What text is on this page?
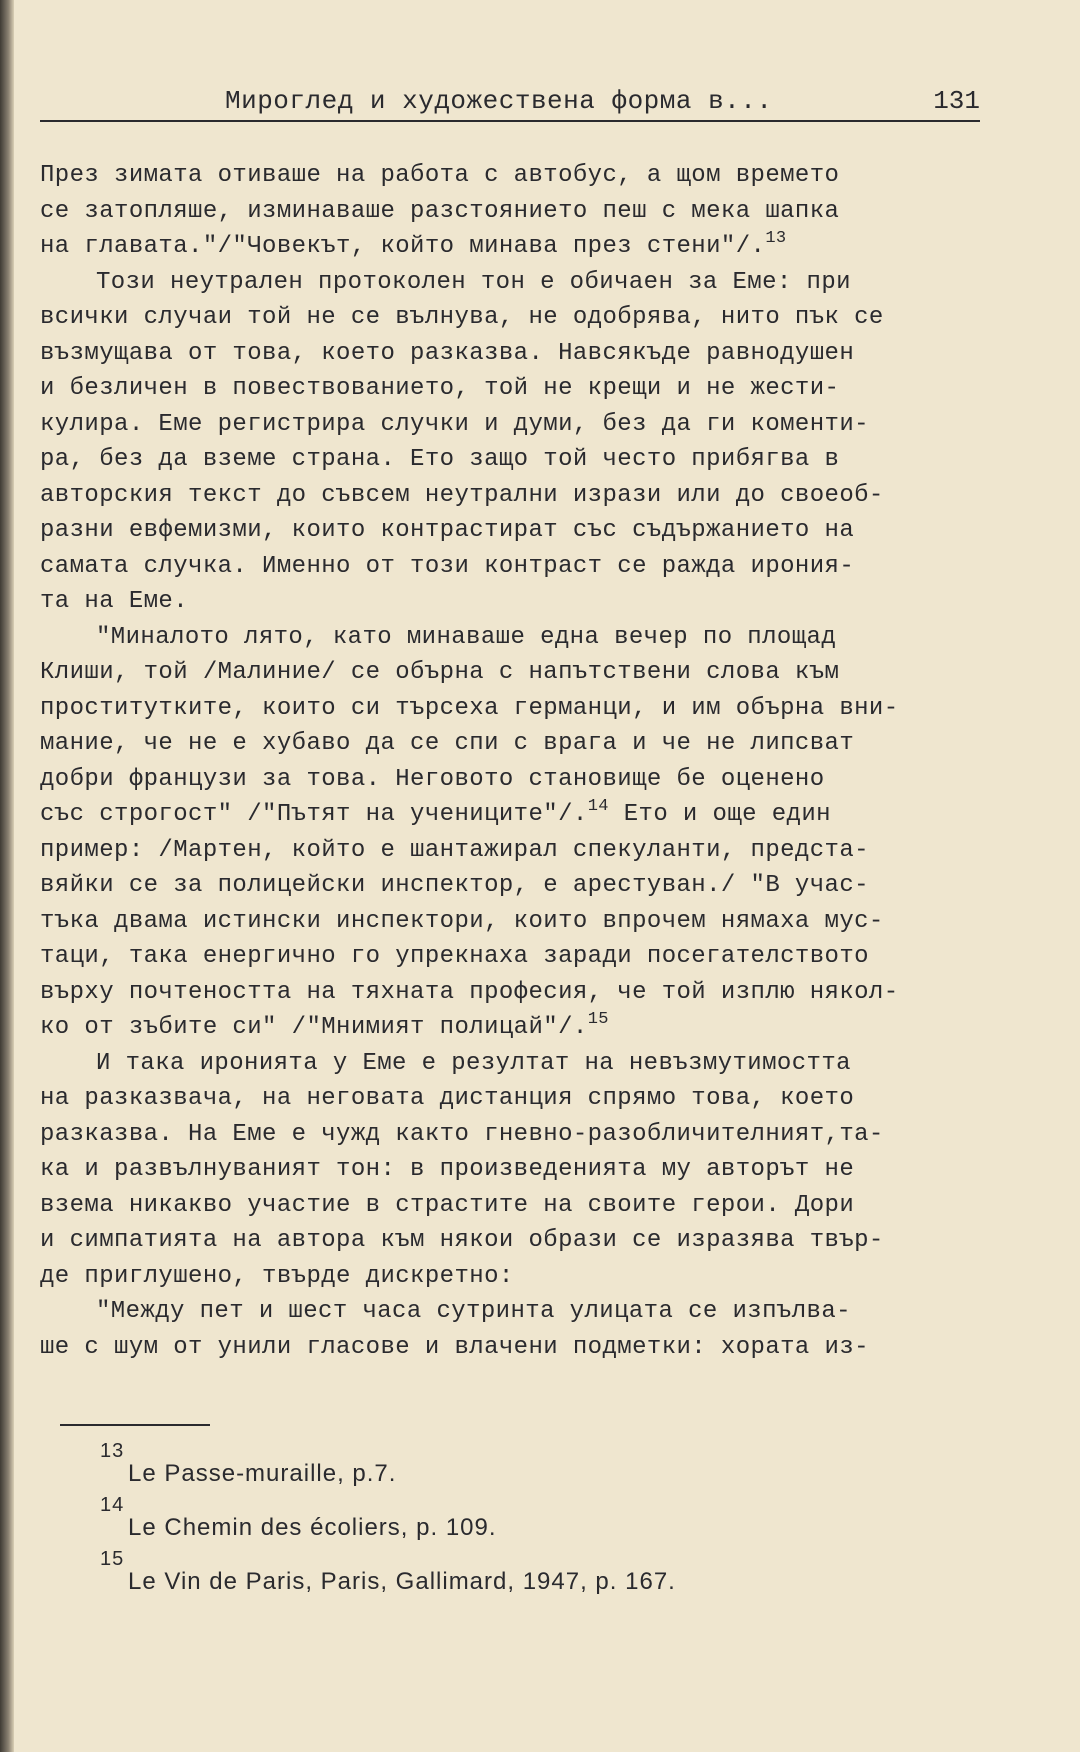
Мироглед и художествена форма в...	131
През зимата отиваше на работа с автобус, а щом времето
се затопляше, изминаваше разстоянието пеш с мека шапка
на главата."/"Човекът, който минава през стени"/.$^{13}$
Този неутрален протоколен тон е обичаен за Еме: при
всички случаи той не се вълнува, не одобрява, нито пък се
възмущава от това, което разказва. Навсякъде равнодушен
и безличен в повествованието, той не крещи и не жести-
кулира. Еме регистрира случки и думи, без да ги коменти-
ра, без да вземе страна. Ето защо той често прибягва в
авторския текст до съвсем неутрални изрази или до своеоб-
разни евфемизми, които контрастират със съдържанието на
самата случка. Именно от този контраст се ражда ирония-
та на Еме.
"Миналото лято, като минаваше една вечер по площад
Клиши, той /Малиние/ се обърна с напътствени слова към
проститутките, които си търсеха германци, и им обърна вни-
мание, че не е хубаво да се спи с врага и че не липсват
добри французи за това. Неговото становище бе оценено
със строгост" /"Пътят на учениците"/.$^{14}$ Ето и още един
пример: /Мартен, който е шантажирал спекуланти, предста-
вяйки се за полицейски инспектор, е арестуван./ "В учас-
тъка двама истински инспектори, които впрочем нямаха мус-
таци, така енергично го упрекнаха заради посегателството
върху почтеността на тяхната професия, че той изплю някол-
ко от зъбите си" /"Мнимият полицай"/.$^{15}$
И така иронията у Еме е резултат на невъзмутимостта
на разказвача, на неговата дистанция спрямо това, което
разказва. На Еме е чужд както гневно-разобличителният,та-
ка и развълнуваният тон: в произведенията му авторът не
взема никакво участие в страстите на своите герои. Дори
и симпатията на автора към някои образи се изразява твър-
де приглушено, твърде дискретно:
"Между пет и шест часа сутринта улицата се изпълва-
ше с шум от унили гласове и влачени подметки: хората из-
13
Le Passe-muraille, p.7.
14
Le Chemin des écoliers, p. 109.
15
Le Vin de Paris, Paris, Gallimard, 1947, p. 167.
